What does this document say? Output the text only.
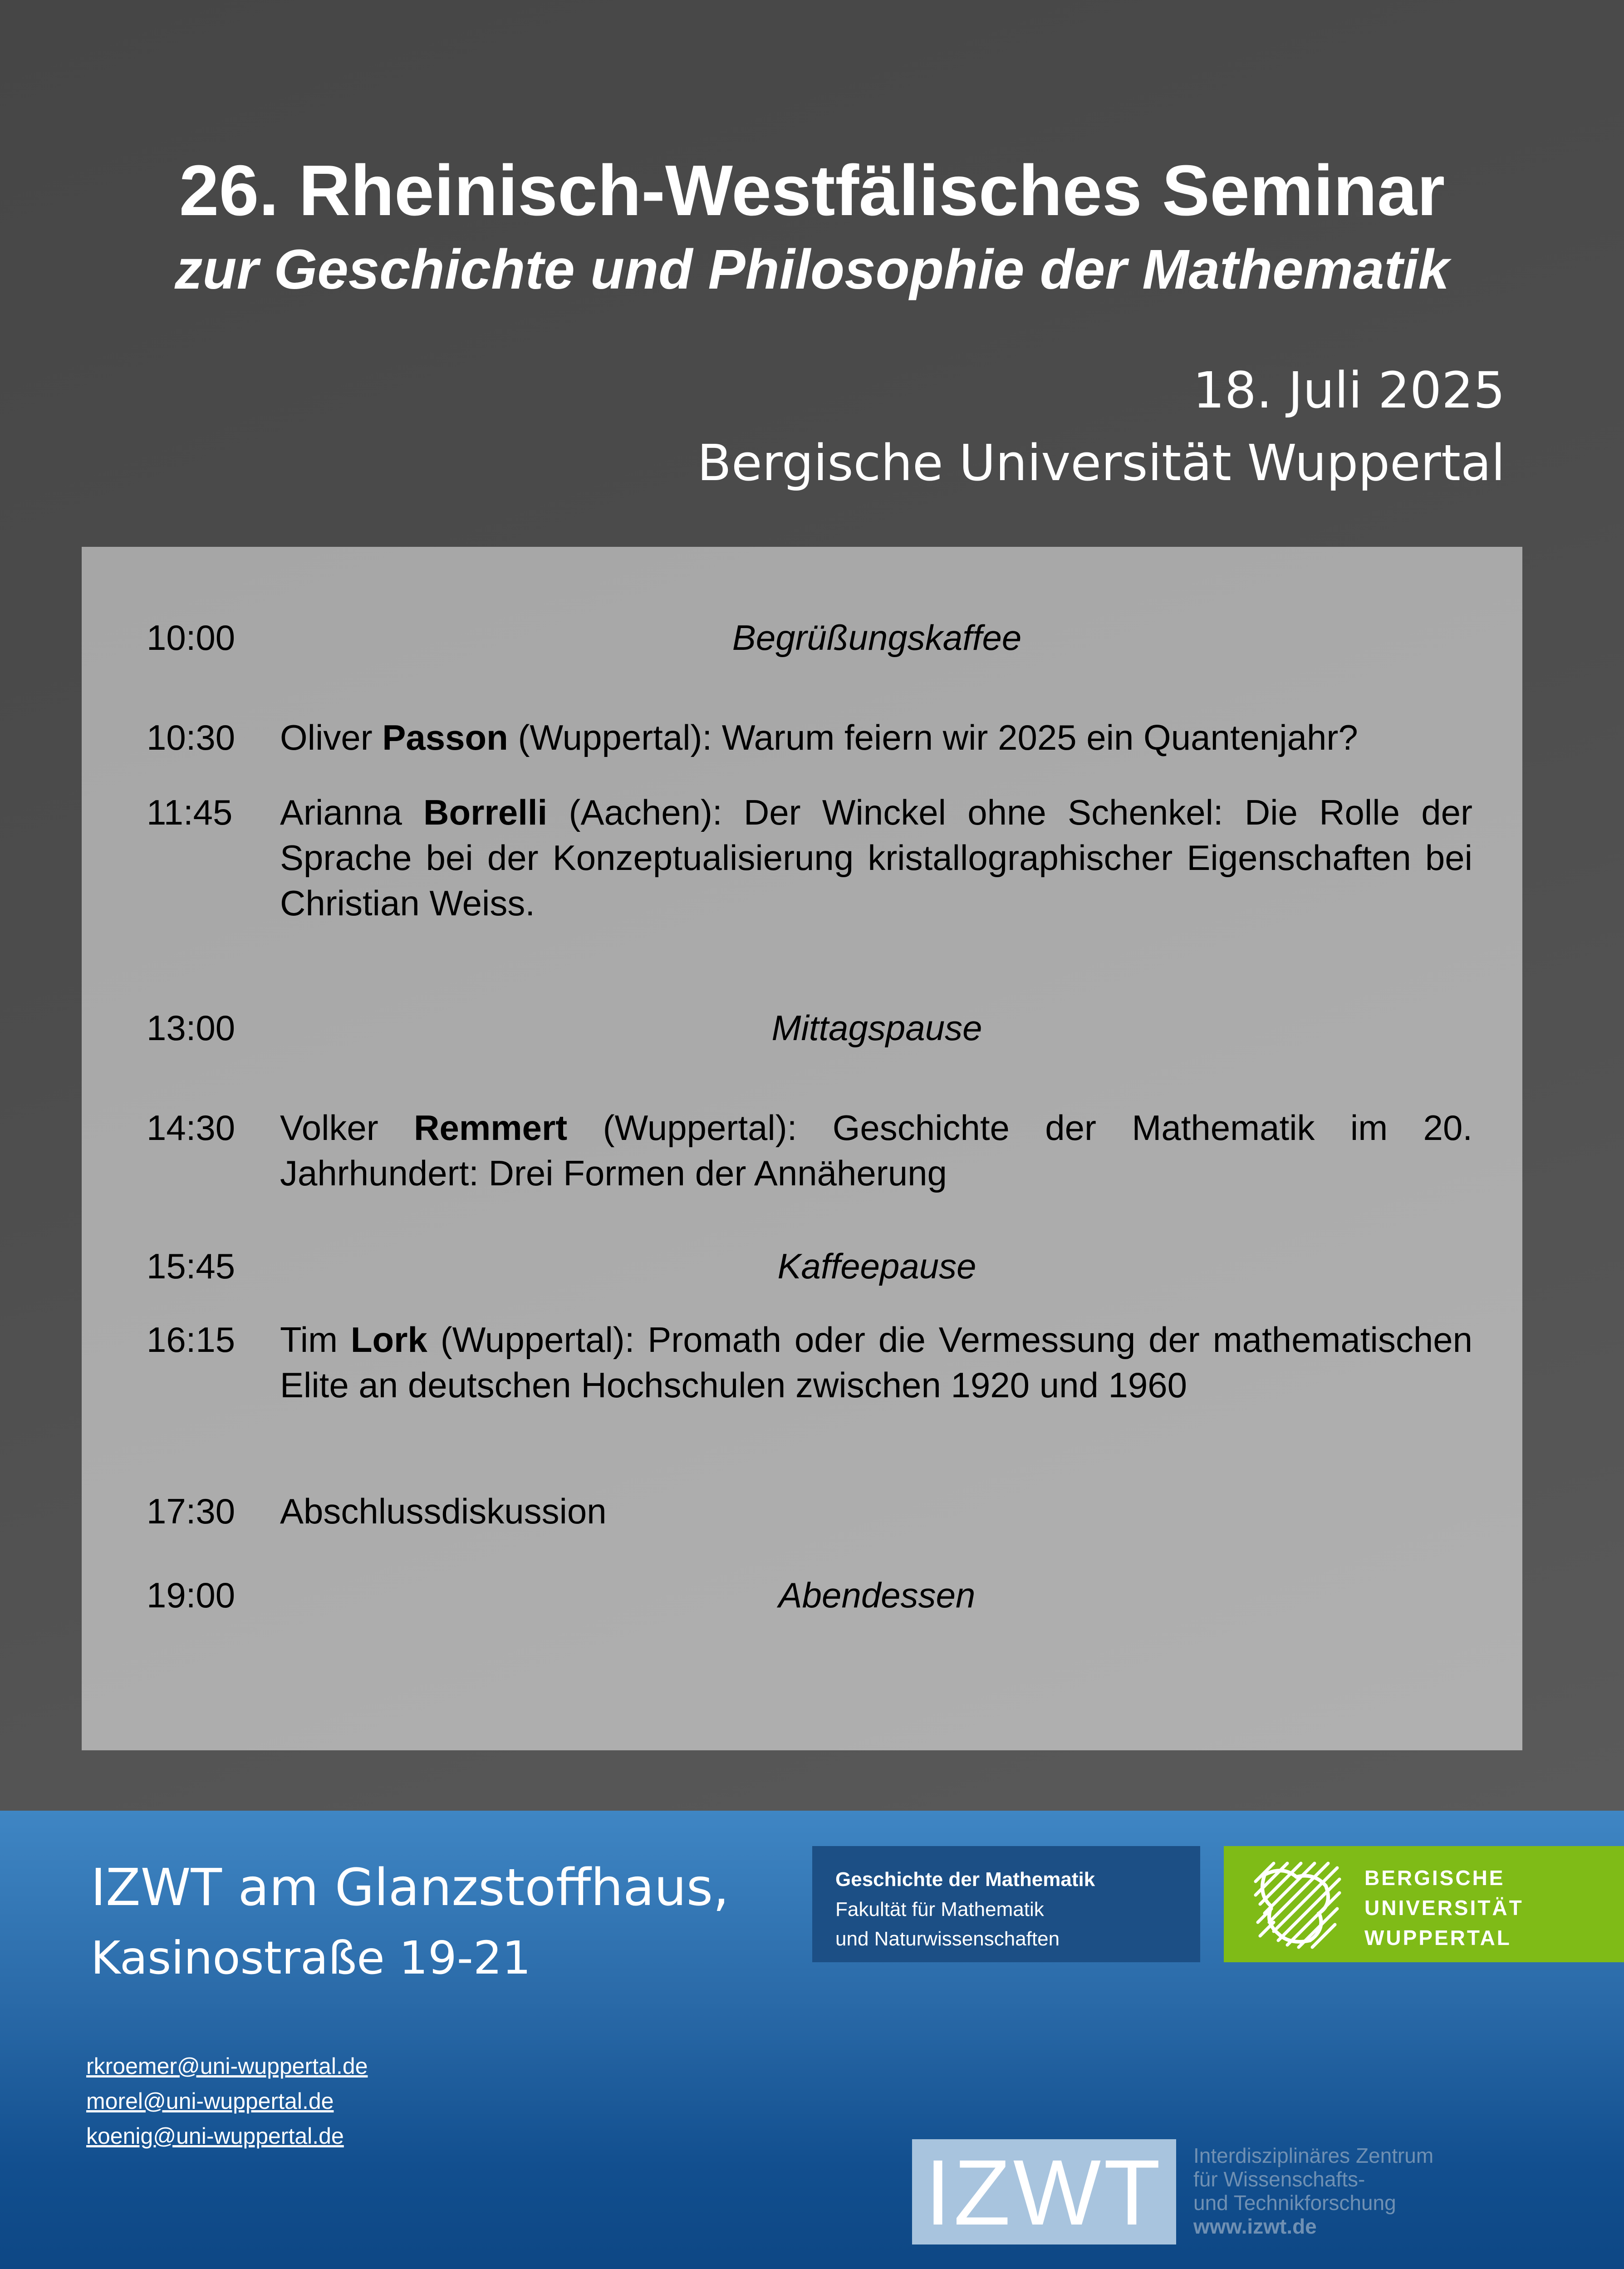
26. Rheinisch-Westfälisches Seminar
zur Geschichte und Philosophie der Mathematik
18. Juli 2025
Bergische Universität Wuppertal
10:00	Begrüßungskaffee
10:30 Oliver Passon (Wuppertal): Warum feiern wir 2025 ein Quantenjahr?
11:45 Arianna Borrelli (Aachen): Der Winckel ohne Schenkel: Die Rolle der Sprache bei der Konzeptualisierung kristallographischer Eigenschaften bei Christian Weiss.
13:00	Mittagspause
14:30 Volker Remmert (Wuppertal): Geschichte der Mathematik im 20. Jahrhundert: Drei Formen der Annäherung
15:45	Kaffeepause
16:15 Tim Lork (Wuppertal): Promath oder die Vermessung der mathematischen Elite an deutschen Hochschulen zwischen 1920 und 1960
17:30 Abschlussdiskussion
19:00	Abendessen
IZWT am Glanzstoffhaus,
Kasinostraße 19-21
Geschichte der Mathematik
Fakultät für Mathematik
und Naturwissenschaften
BERGISCHE
UNIVERSITÄT
WUPPERTAL
rkroemer@uni-wuppertal.de
morel@uni-wuppertal.de
koenig@uni-wuppertal.de
IZWT	Interdisziplinäres Zentrum
für Wissenschafts-
und Technikforschung
www.izwt.de
